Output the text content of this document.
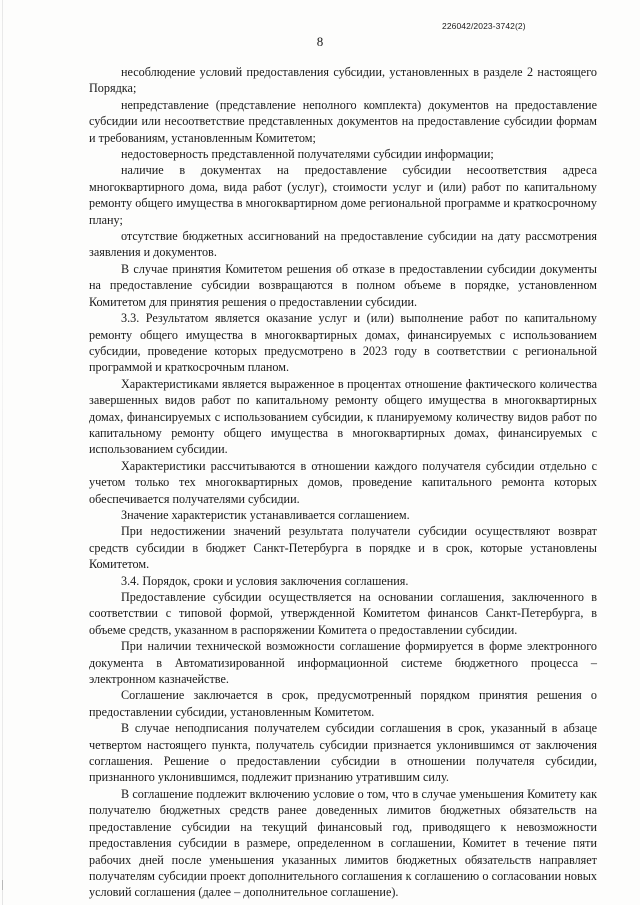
8
226042/2023-3742(2)

несоблюдение условий предоставления субсидии, установленных в разделе 2 настоящего Порядка;

непредставление (представление неполного комплекта) документов на предоставление субсидии или несоответствие представленных документов на предоставление субсидии формам и требованиям, установленным Комитетом;

недостоверность представленной получателями субсидии информации;

наличие в документах на предоставление субсидии несоответствия адреса многоквартирного дома, вида работ (услуг), стоимости услуг и (или) работ по капитальному ремонту общего имущества в многоквартирном доме региональной программе и краткосрочному плану;

отсутствие бюджетных ассигнований на предоставление субсидии на дату рассмотрения заявления и документов.

В случае принятия Комитетом решения об отказе в предоставлении субсидии документы на предоставление субсидии возвращаются в полном объеме в порядке, установленном Комитетом для принятия решения о предоставлении субсидии.

3.3. Результатом является оказание услуг и (или) выполнение работ по капитальному ремонту общего имущества в многоквартирных домах, финансируемых с использованием субсидии, проведение которых предусмотрено в 2023 году в соответствии с региональной программой и краткосрочным планом.

Характеристиками является выраженное в процентах отношение фактического количества завершенных видов работ по капитальному ремонту общего имущества в многоквартирных домах, финансируемых с использованием субсидии, к планируемому количеству видов работ по капитальному ремонту общего имущества в многоквартирных домах, финансируемых с использованием субсидии.

Характеристики рассчитываются в отношении каждого получателя субсидии отдельно с учетом только тех многоквартирных домов, проведение капитального ремонта которых обеспечивается получателями субсидии.

Значение характеристик устанавливается соглашением.

При недостижении значений результата получатели субсидии осуществляют возврат средств субсидии в бюджет Санкт-Петербурга в порядке и в срок, которые установлены Комитетом.

3.4. Порядок, сроки и условия заключения соглашения.

Предоставление субсидии осуществляется на основании соглашения, заключенного в соответствии с типовой формой, утвержденной Комитетом финансов Санкт-Петербурга, в объеме средств, указанном в распоряжении Комитета о предоставлении субсидии.

При наличии технической возможности соглашение формируется в форме электронного документа в Автоматизированной информационной системе бюджетного процесса – электронном казначействе.

Соглашение заключается в срок, предусмотренный порядком принятия решения о предоставлении субсидии, установленным Комитетом.

В случае неподписания получателем субсидии соглашения в срок, указанный в абзаце четвертом настоящего пункта, получатель субсидии признается уклонившимся от заключения соглашения. Решение о предоставлении субсидии в отношении получателя субсидии, признанного уклонившимся, подлежит признанию утратившим силу.

В соглашение подлежит включению условие о том, что в случае уменьшения Комитету как получателю бюджетных средств ранее доведенных лимитов бюджетных обязательств на предоставление субсидии на текущий финансовый год, приводящего к невозможности предоставления субсидии в размере, определенном в соглашении, Комитет в течение пяти рабочих дней после уменьшения указанных лимитов бюджетных обязательств направляет получателям субсидии проект дополнительного соглашения к соглашению о согласовании новых условий соглашения (далее – дополнительное соглашение).
